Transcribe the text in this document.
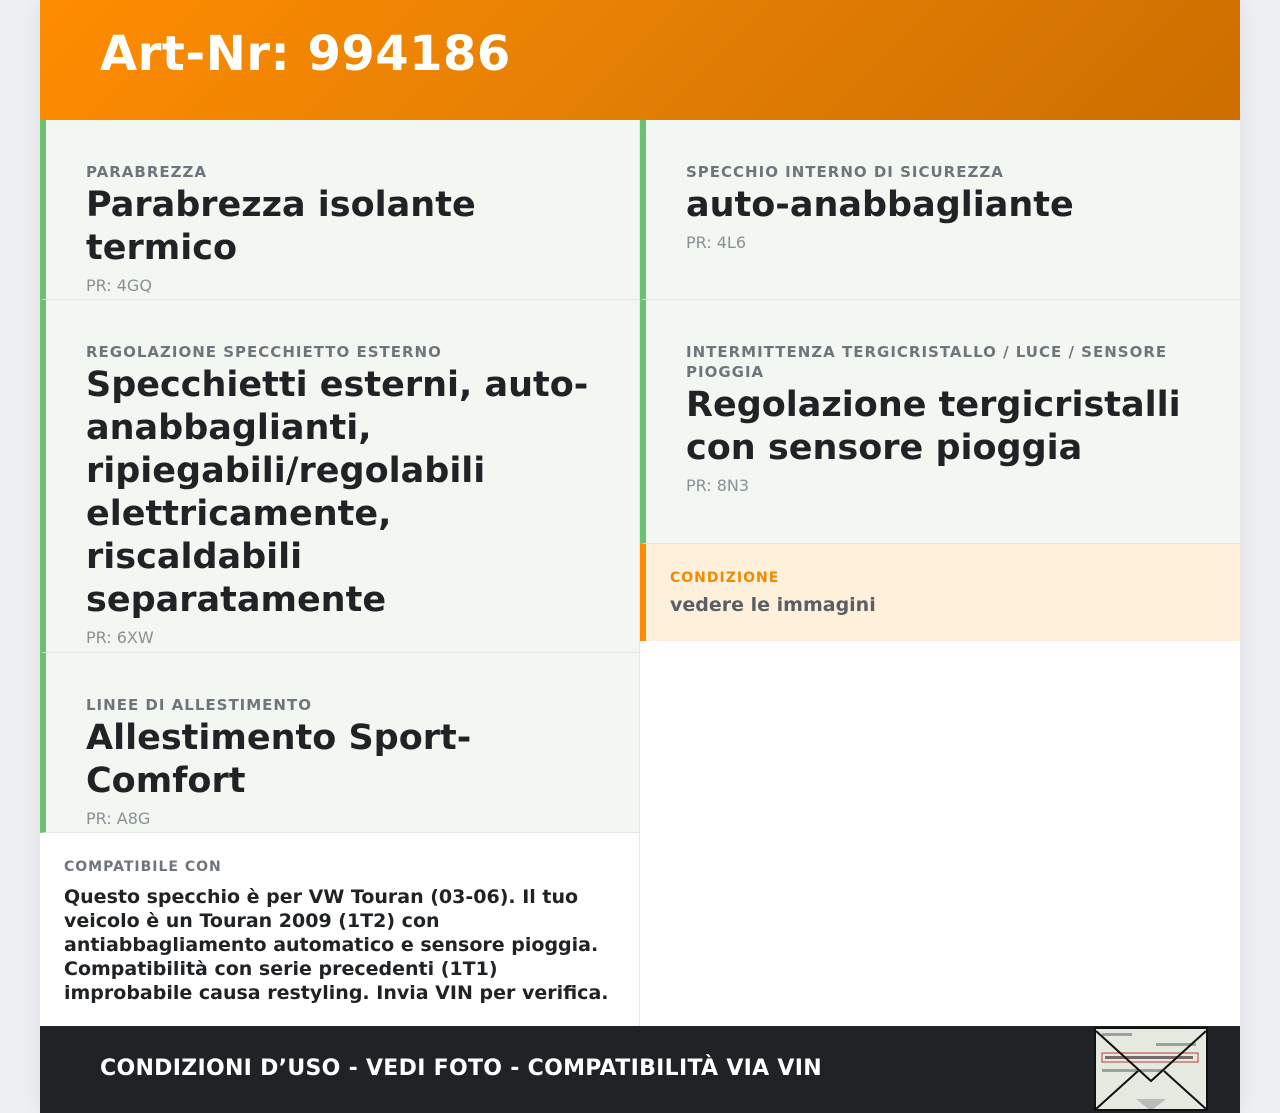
Art-Nr: 994186
PARABREZZA
Parabrezza isolante termico
PR: 4GQ
REGOLAZIONE SPECCHIETTO ESTERNO
Specchietti esterni, auto-anabbaglianti, ripiegabili/regolabili elettricamente, riscaldabili separatamente
PR: 6XW
LINEE DI ALLESTIMENTO
Allestimento Sport-Comfort
PR: A8G
COMPATIBILE CON
Questo specchio è per VW Touran (03-06). Il tuo veicolo è un Touran 2009 (1T2) con antiabbagliamento automatico e sensore pioggia. Compatibilità con serie precedenti (1T1) improbabile causa restyling. Invia VIN per verifica.
SPECCHIO INTERNO DI SICUREZZA
auto-anabbagliante
PR: 4L6
INTERMITTENZA TERGICRISTALLO / LUCE / SENSORE PIOGGIA
Regolazione tergicristalli con sensore pioggia
PR: 8N3
CONDIZIONE
vedere le immagini
CONDIZIONI D’USO - VEDI FOTO - COMPATIBILITÀ VIA VIN
